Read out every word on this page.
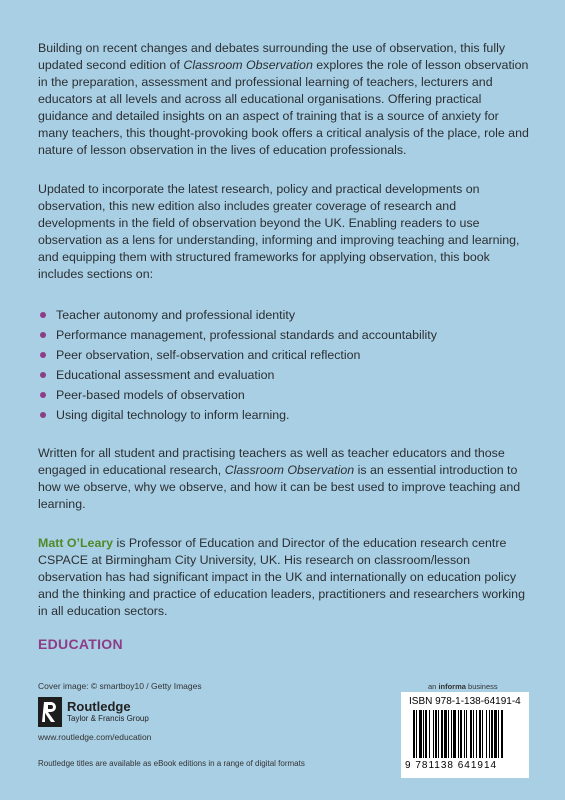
Building on recent changes and debates surrounding the use of observation, this fully updated second edition of Classroom Observation explores the role of lesson observation in the preparation, assessment and professional learning of teachers, lecturers and educators at all levels and across all educational organisations. Offering practical guidance and detailed insights on an aspect of training that is a source of anxiety for many teachers, this thought-provoking book offers a critical analysis of the place, role and nature of lesson observation in the lives of education professionals.

Updated to incorporate the latest research, policy and practical developments on observation, this new edition also includes greater coverage of research and developments in the field of observation beyond the UK. Enabling readers to use observation as a lens for understanding, informing and improving teaching and learning, and equipping them with structured frameworks for applying observation, this book includes sections on:

Teacher autonomy and professional identity
Performance management, professional standards and accountability
Peer observation, self-observation and critical reflection
Educational assessment and evaluation
Peer-based models of observation
Using digital technology to inform learning.

Written for all student and practising teachers as well as teacher educators and those engaged in educational research, Classroom Observation is an essential introduction to how we observe, why we observe, and how it can be best used to improve teaching and learning.

Matt O’Leary is Professor of Education and Director of the education research centre CSPACE at Birmingham City University, UK. His research on classroom/lesson observation has had significant impact in the UK and internationally on education policy and the thinking and practice of education leaders, practitioners and researchers working in all education sectors.

EDUCATION
Cover image: © smartboy10 / Getty Images
Routledge
Taylor & Francis Group
www.routledge.com/education
Routledge titles are available as eBook editions in a range of digital formats
an informa business
ISBN 978-1-138-64191-4
9 781138 641914
